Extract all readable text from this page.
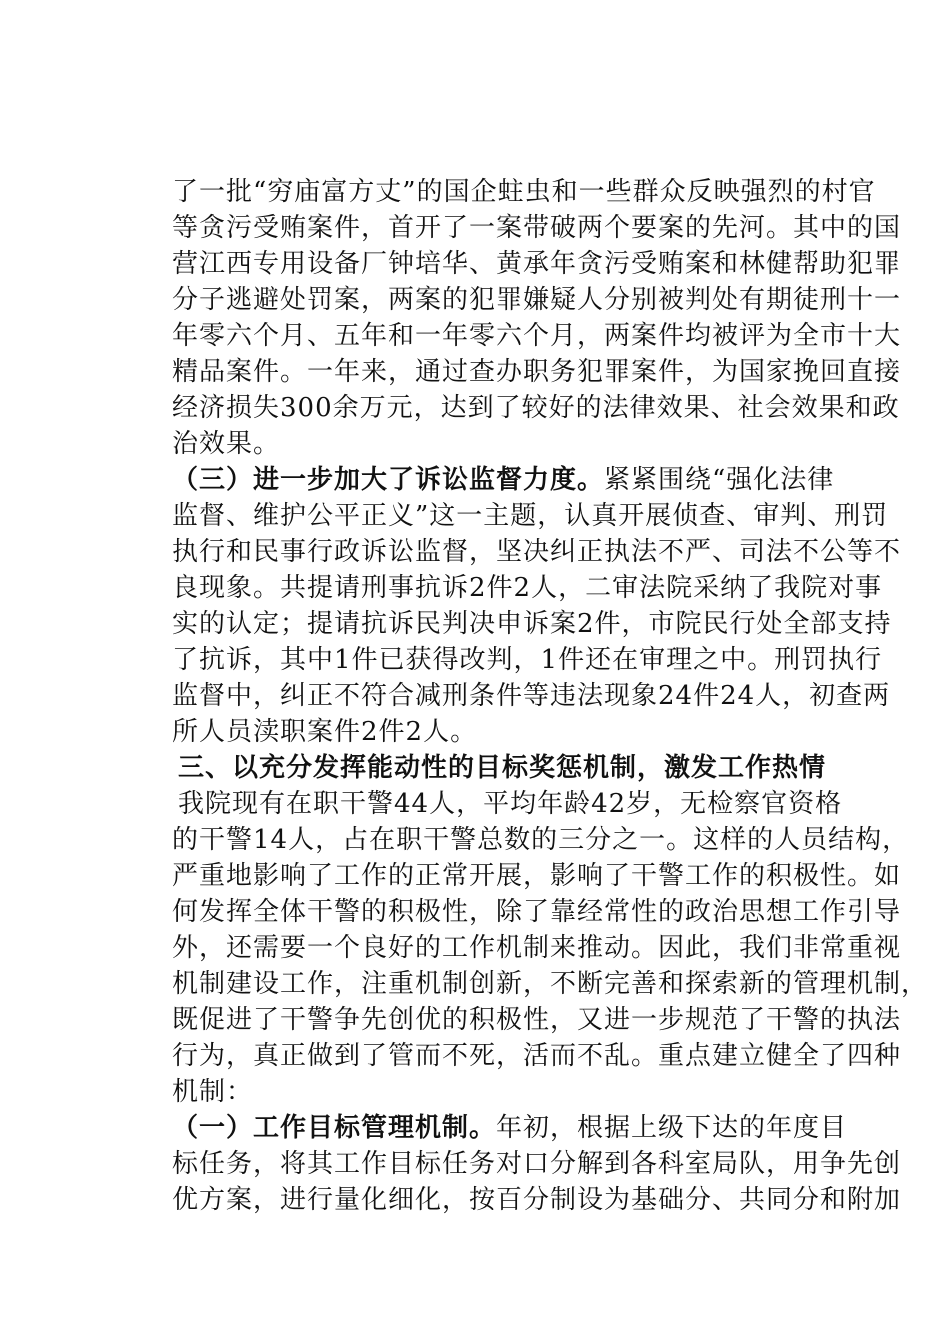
了一批“穷庙富方丈”的国企蛀虫和一些群众反映强烈的村官
等贪污受贿案件，首开了一案带破两个要案的先河。其中的国
营江西专用设备厂钟培华、黄承年贪污受贿案和林健帮助犯罪
分子逃避处罚案，两案的犯罪嫌疑人分别被判处有期徒刑十一
年零六个月、五年和一年零六个月，两案件均被评为全市十大
精品案件。一年来，通过查办职务犯罪案件，为国家挽回直接
经济损失300余万元，达到了较好的法律效果、社会效果和政
治效果。
（三）进一步加大了诉讼监督力度。紧紧围绕“强化法律
监督、维护公平正义”这一主题，认真开展侦查、审判、刑罚
执行和民事行政诉讼监督，坚决纠正执法不严、司法不公等不
良现象。共提请刑事抗诉2件2人，二审法院采纳了我院对事
实的认定；提请抗诉民判决申诉案2件，市院民行处全部支持
了抗诉，其中1件已获得改判，1件还在审理之中。刑罚执行
监督中，纠正不符合减刑条件等违法现象24件24人，初查两
所人员渎职案件2件2人。
三、以充分发挥能动性的目标奖惩机制，激发工作热情
我院现有在职干警44人，平均年龄42岁，无检察官资格
的干警14人，占在职干警总数的三分之一。这样的人员结构，
严重地影响了工作的正常开展，影响了干警工作的积极性。如
何发挥全体干警的积极性，除了靠经常性的政治思想工作引导
外，还需要一个良好的工作机制来推动。因此，我们非常重视
机制建设工作，注重机制创新，不断完善和探索新的管理机制，
既促进了干警争先创优的积极性，又进一步规范了干警的执法
行为，真正做到了管而不死，活而不乱。重点建立健全了四种
机制：
（一）工作目标管理机制。年初，根据上级下达的年度目
标任务，将其工作目标任务对口分解到各科室局队，用争先创
优方案，进行量化细化，按百分制设为基础分、共同分和附加
